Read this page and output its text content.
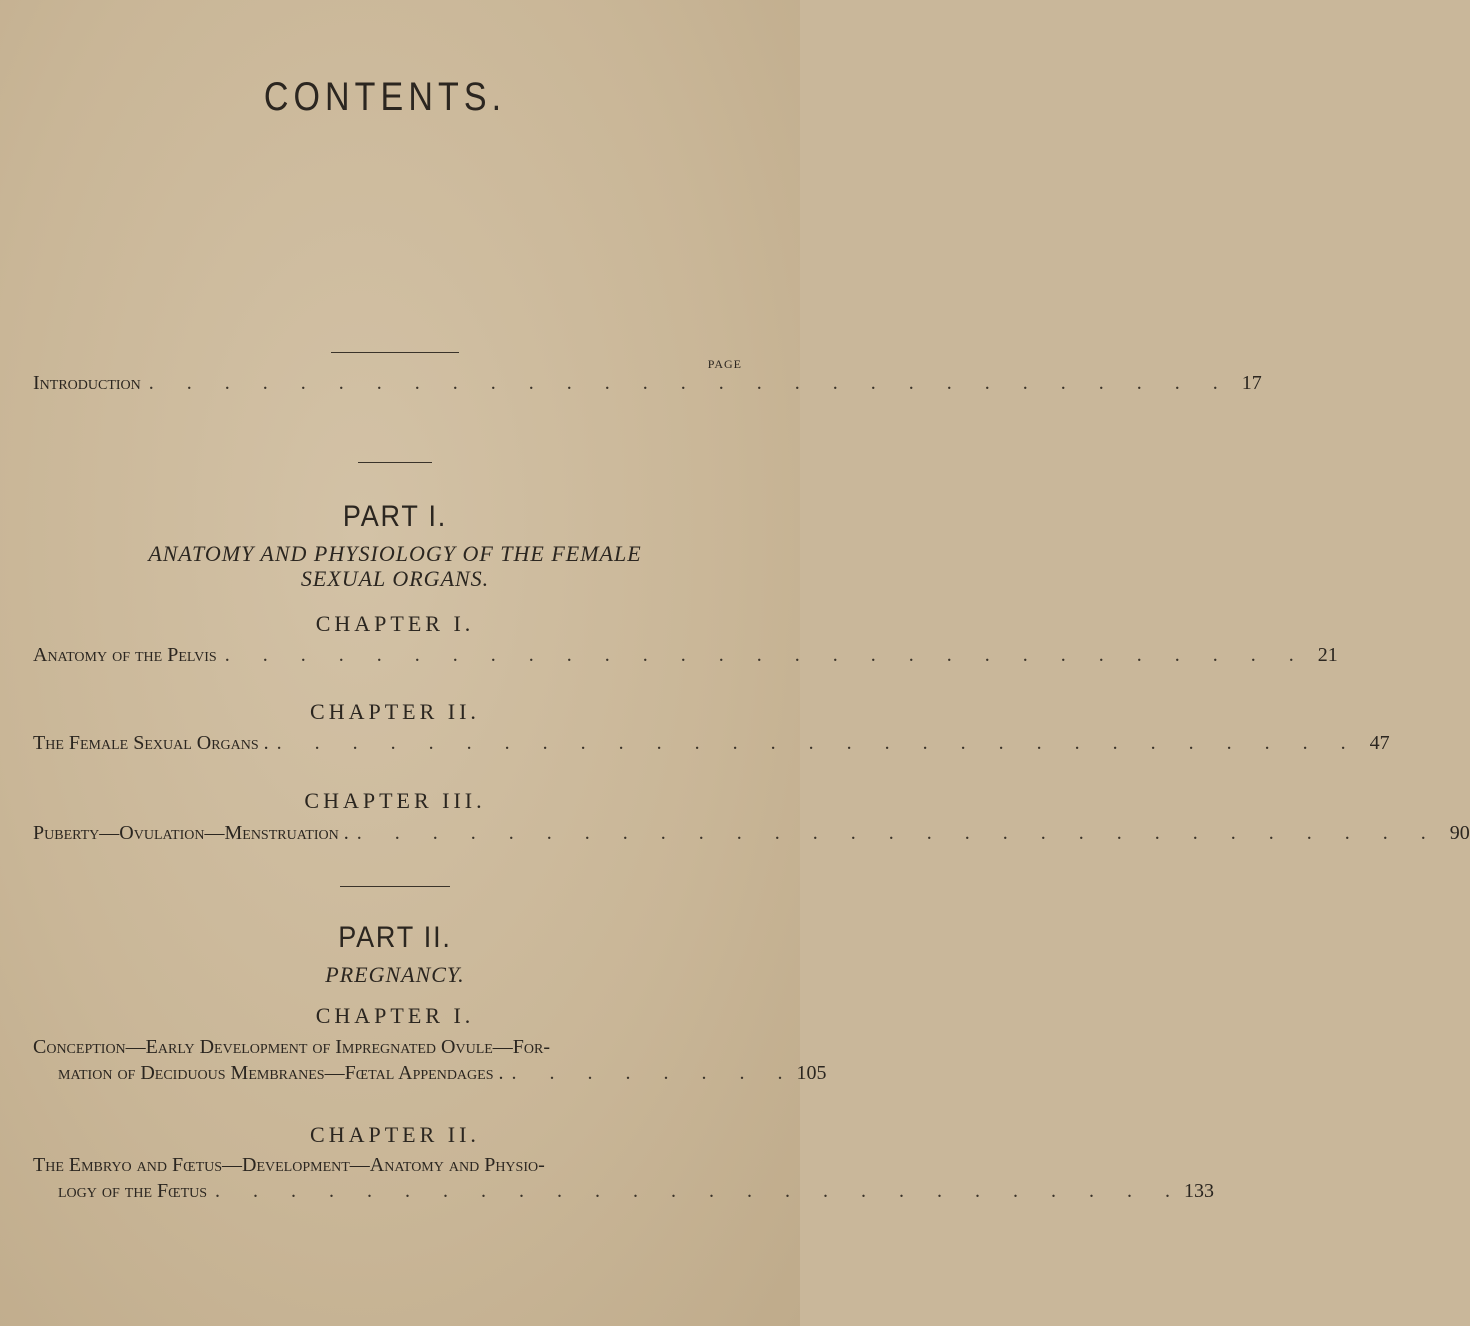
CONTENTS.
PAGE
Introduction . . . . . . . . . . . . . . . . . . . . . . . . . . . . . 17
PART I.
ANATOMY AND PHYSIOLOGY OF THE FEMALE
SEXUAL ORGANS.
CHAPTER I.
Anatomy of the Pelvis . . . . . . . . . . . . . . . . . . . . . . . . . . . . . 21
CHAPTER II.
The Female Sexual Organs . . . . . . . . . . . . . . . . . . . . . . . . . . . . . . 47
CHAPTER III.
Puberty—Ovulation—Menstruation . . . . . . . . . . . . . . . . . . . . . . . . . . . . . . 90
PART II.
PREGNANCY.
CHAPTER I.
Conception—Early Development of Impregnated Ovule—For-
mation of Deciduous Membranes—Fœtal Appendages . . . . . . . . . 105
CHAPTER II.
The Embryo and Fœtus—Development—Anatomy and Physio-
logy of the Fœtus . . . . . . . . . . . . . . . . . . . . . . . . . . 133
